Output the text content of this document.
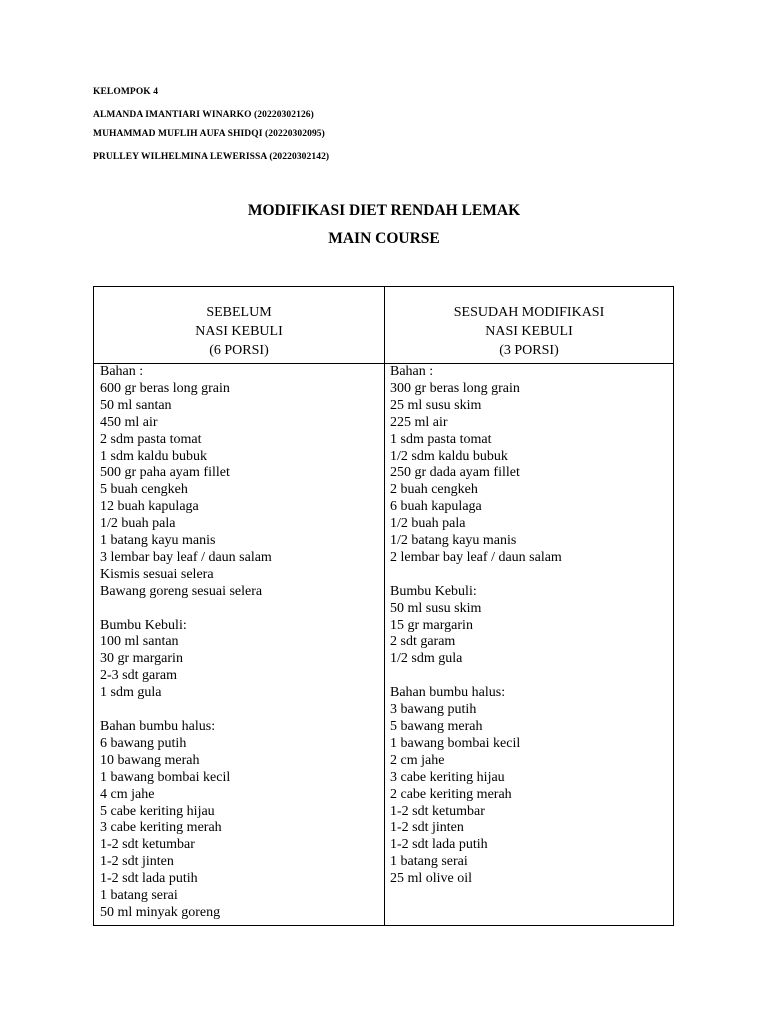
KELOMPOK 4
ALMANDA IMANTIARI WINARKO (20220302126)
MUHAMMAD MUFLIH AUFA SHIDQI (20220302095)
PRULLEY WILHELMINA LEWERISSA (20220302142)
MODIFIKASI DIET RENDAH LEMAK
MAIN COURSE
SEBELUM
NASI KEBULI
(6 PORSI)
SESUDAH MODIFIKASI
NASI KEBULI
(3 PORSI)
Bahan :
600 gr beras long grain
50 ml santan
450 ml air
2 sdm pasta tomat
1 sdm kaldu bubuk
500 gr paha ayam fillet
5 buah cengkeh
12 buah kapulaga
1/2 buah pala
1 batang kayu manis
3 lembar bay leaf / daun salam
Kismis sesuai selera
Bawang goreng sesuai selera
Bumbu Kebuli:
100 ml santan
30 gr margarin
2-3 sdt garam
1 sdm gula
Bahan bumbu halus:
6 bawang putih
10 bawang merah
1 bawang bombai kecil
4 cm jahe
5 cabe keriting hijau
3 cabe keriting merah
1-2 sdt ketumbar
1-2 sdt jinten
1-2 sdt lada putih
1 batang serai
50 ml minyak goreng
Bahan :
300 gr beras long grain
25 ml susu skim
225 ml air
1 sdm pasta tomat
1/2 sdm kaldu bubuk
250 gr dada ayam fillet
2 buah cengkeh
6 buah kapulaga
1/2 buah pala
1/2 batang kayu manis
2 lembar bay leaf / daun salam
Bumbu Kebuli:
50 ml susu skim
15 gr margarin
2 sdt garam
1/2 sdm gula
Bahan bumbu halus:
3 bawang putih
5 bawang merah
1 bawang bombai kecil
2 cm jahe
3 cabe keriting hijau
2 cabe keriting merah
1-2 sdt ketumbar
1-2 sdt jinten
1-2 sdt lada putih
1 batang serai
25 ml olive oil
